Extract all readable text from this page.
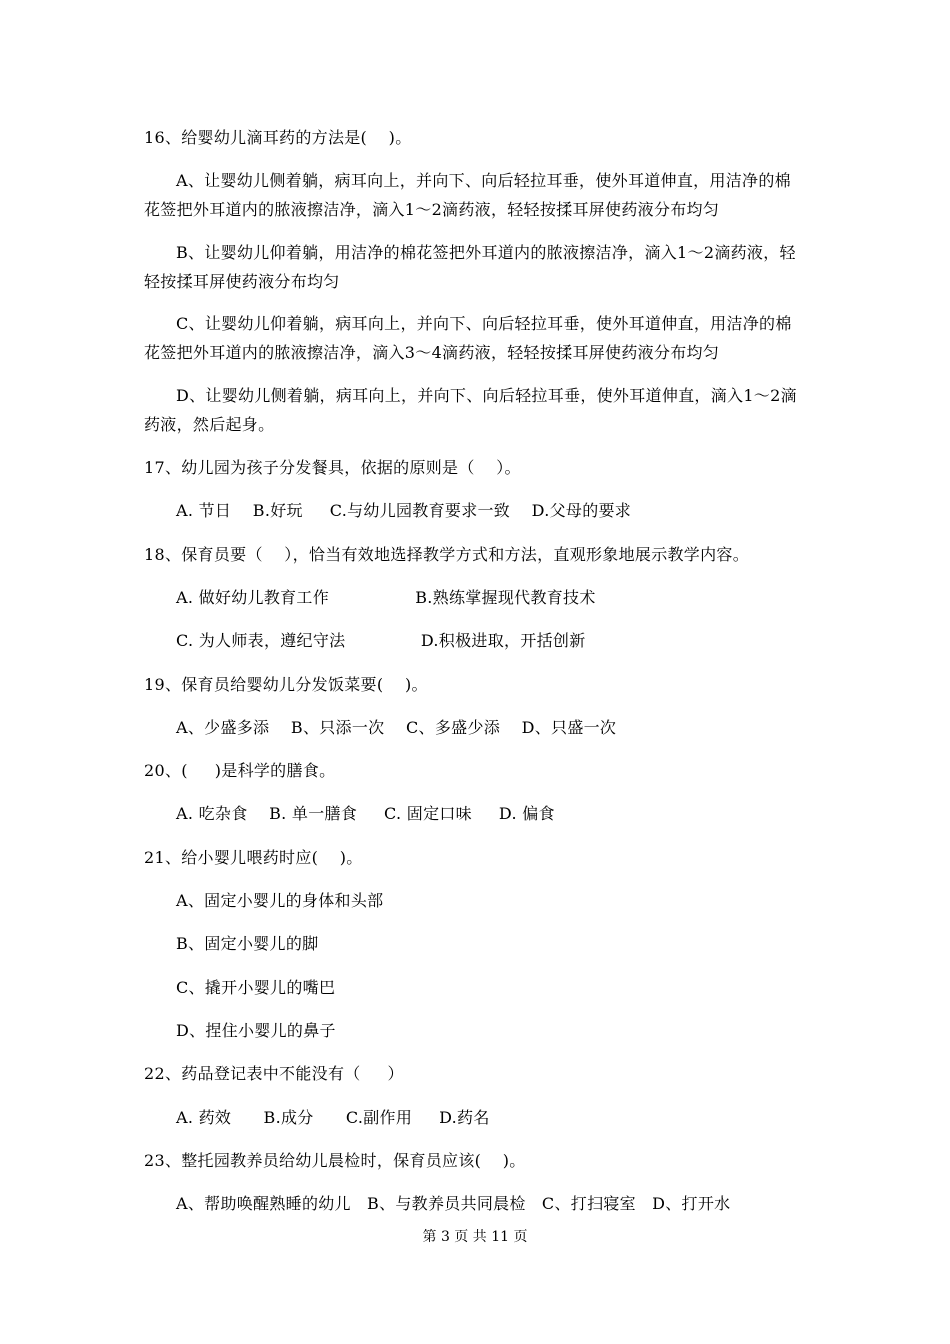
16、给婴幼儿滴耳药的方法是(    )。
A、让婴幼儿侧着躺，病耳向上，并向下、向后轻拉耳垂，使外耳道伸直，用洁净的棉
花签把外耳道内的脓液擦洁净，滴入1～2滴药液，轻轻按揉耳屏使药液分布均匀
B、让婴幼儿仰着躺，用洁净的棉花签把外耳道内的脓液擦洁净，滴入1～2滴药液，轻
轻按揉耳屏使药液分布均匀
C、让婴幼儿仰着躺，病耳向上，并向下、向后轻拉耳垂，使外耳道伸直，用洁净的棉
花签把外耳道内的脓液擦洁净，滴入3～4滴药液，轻轻按揉耳屏使药液分布均匀
D、让婴幼儿侧着躺，病耳向上，并向下、向后轻拉耳垂，使外耳道伸直，滴入1～2滴
药液，然后起身。
17、幼儿园为孩子分发餐具，依据的原则是（    ）。
A. 节日    B.好玩     C.与幼儿园教育要求一致    D.父母的要求
18、保育员要（    ），恰当有效地选择教学方式和方法，直观形象地展示教学内容。
A. 做好幼儿教育工作                B.熟练掌握现代教育技术
C. 为人师表，遵纪守法              D.积极进取，开括创新
19、保育员给婴幼儿分发饭菜要(    )。
A、少盛多添    B、只添一次    C、多盛少添    D、只盛一次
20、(     )是科学的膳食。
A. 吃杂食    B. 单一膳食     C. 固定口味     D. 偏食
21、给小婴儿喂药时应(    )。
A、固定小婴儿的身体和头部
B、固定小婴儿的脚
C、撬开小婴儿的嘴巴
D、捏住小婴儿的鼻子
22、药品登记表中不能没有（     ）
A. 药效      B.成分      C.副作用     D.药名
23、整托园教养员给幼儿晨检时，保育员应该(    )。
A、帮助唤醒熟睡的幼儿   B、与教养员共同晨检   C、打扫寝室   D、打开水
第 3 页 共 11 页
